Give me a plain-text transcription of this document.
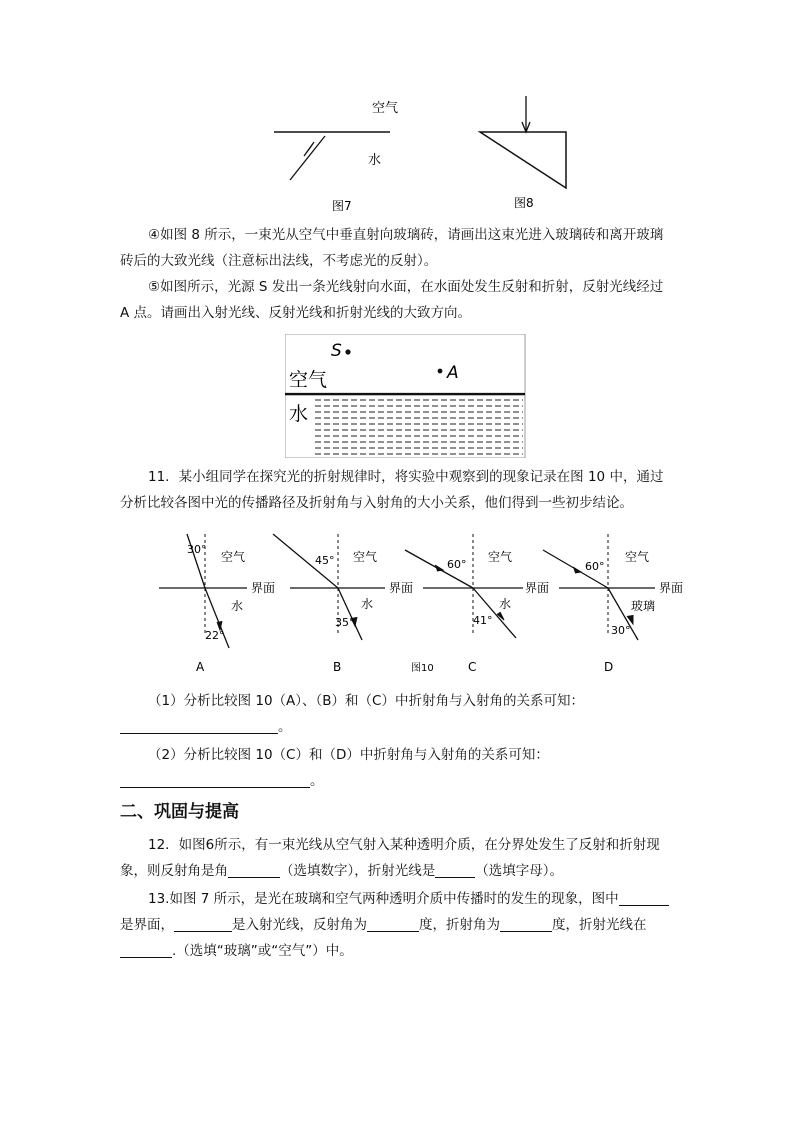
空气
水
图7	图8

④如图 8 所示，一束光从空气中垂直射向玻璃砖，请画出这束光进入玻璃砖和离开玻璃砖后的大致光线（注意标出法线，不考虑光的反射）。

⑤如图所示，光源 S 发出一条光线射向水面，在水面处发生反射和折射，反射光线经过 A 点。请画出入射光线、反射光线和折射光线的大致方向。

S
A
空气
水

11．某小组同学在探究光的折射规律时，将实验中观察到的现象记录在图 10 中，通过分析比较各图中光的传播路径及折射角与入射角的大小关系，他们得到一些初步结论。

30°
空气
界面
水
22°
A
45° 空气
界面
水
35°
B
60°
空气
界面
水
41°
图10	C
60°
空气
界面
玻璃
30°
D

（1）分析比较图 10（A）、（B）和（C）中折射角与入射角的关系可知：

。

（2）分析比较图 10（C）和（D）中折射角与入射角的关系可知：

。

二、巩固与提高

12．如图6所示，有一束光线从空气射入某种透明介质，在分界处发生了反射和折射现象，则反射角是角	（选填数字），折射光线是	（选填字母）。

13.如图 7 所示，是光在玻璃和空气两种透明介质中传播时的发生的现象，图中是界面，	是入射光线，反射角为	度，折射角为	度，折射光线在.（选填“玻璃”或“空气”）中。
